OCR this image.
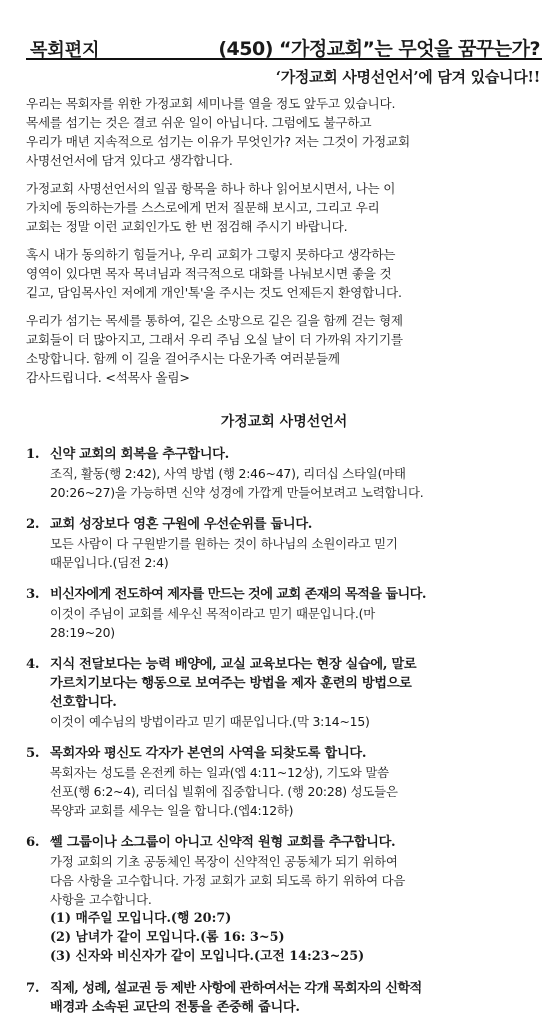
목회편지	(450) “가정교회”는 무엇을 꿈꾸는가?
‘가정교회 사명선언서’에 담겨 있습니다!!

우리는 목회자를 위한 가정교회 세미나를 열을 정도 앞두고 있습니다.
목세를 섬기는 것은 결코 쉬운 일이 아닙니다. 그럼에도 불구하고
우리가 매년 지속적으로 섬기는 이유가 무엇인가? 저는 그것이 가정교회
사명선언서에 담겨 있다고 생각합니다.

가정교회 사명선언서의 일곱 항목을 하나 하나 읽어보시면서, 나는 이
가치에 동의하는가를 스스로에게 먼저 질문해 보시고, 그리고 우리
교회는 정말 이런 교회인가도 한 번 점검해 주시기 바랍니다.

혹시 내가 동의하기 힘들거나, 우리 교회가 그렇지 못하다고 생각하는
영역이 있다면 목자 목녀님과 적극적으로 대화를 나눠보시면 좋을 것
깉고, 담임목사인 저에게 개인'톡'을 주시는 것도 언제든지 환영합니다.

우리가 섬기는 목세를 통하여, 깉은 소망으로 깉은 길을 함께 걷는 형제
교회들이 더 많아지고, 그래서 우리 주님 오실 날이 더 가까워 자기기를
소망합니다. 함께 이 길을 걸어주시는 다운가족 여러분들께
감사드립니다. <석목사 올림>

가정교회 사명선언서
1. 신약 교회의 회복을 추구합니다.
조직, 활동(행 2:42), 사역 방법 (행 2:46~47), 리더십 스타일(마태
20:26~27)을 가능하면 신약 성경에 가깝게 만들어보려고 노력합니다.
2. 교회 성장보다 영혼 구원에 우선순위를 둡니다.
모든 사람이 다 구원받기를 원하는 것이 하나님의 소원이라고 믿기
때문입니다.(딤전 2:4)
3. 비신자에게 전도하여 제자를 만드는 것에 교회 존재의 목적을 둡니다.
이것이 주님이 교회를 세우신 목적이라고 믿기 때문입니다.(마
28:19~20)
4. 지식 전달보다는 능력 배양에, 교실 교육보다는 현장 실습에, 말로
가르치기보다는 행동으로 보여주는 방법을 제자 훈련의 방법으로
선호합니다.
이것이 예수님의 방법이라고 믿기 때문입니다.(막 3:14~15)
5. 목회자와 평신도 각자가 본연의 사역을 되찾도록 합니다.
목회자는 성도를 온전케 하는 일과(엡 4:11~12상), 기도와 말씀
선포(행 6:2~4), 리더십 빌휘에 집중합니다. (행 20:28) 성도들은
목양과 교회를 세우는 일을 합니다.(엡4:12하)
6. 쎌 그룹이나 소그룹이 아니고 신약적 원형 교회를 추구합니다.
가정 교회의 기초 공동체인 목장이 신약적인 공동체가 되기 위하여
다음 사항을 고수합니다. 가정 교회가 교회 되도록 하기 위하여 다음
사항을 고수합니다.
(1) 매주일 모입니다.(행 20:7)
(2) 남녀가 같이 모입니다.(롬 16: 3~5)
(3) 신자와 비신자가 같이 모입니다.(고전 14:23~25)
7. 직제, 성례, 설교권 등 제반 사항에 관하여서는 각개 목회자의 신학적
배경과 소속된 교단의 전통을 존중해 줍니다.
